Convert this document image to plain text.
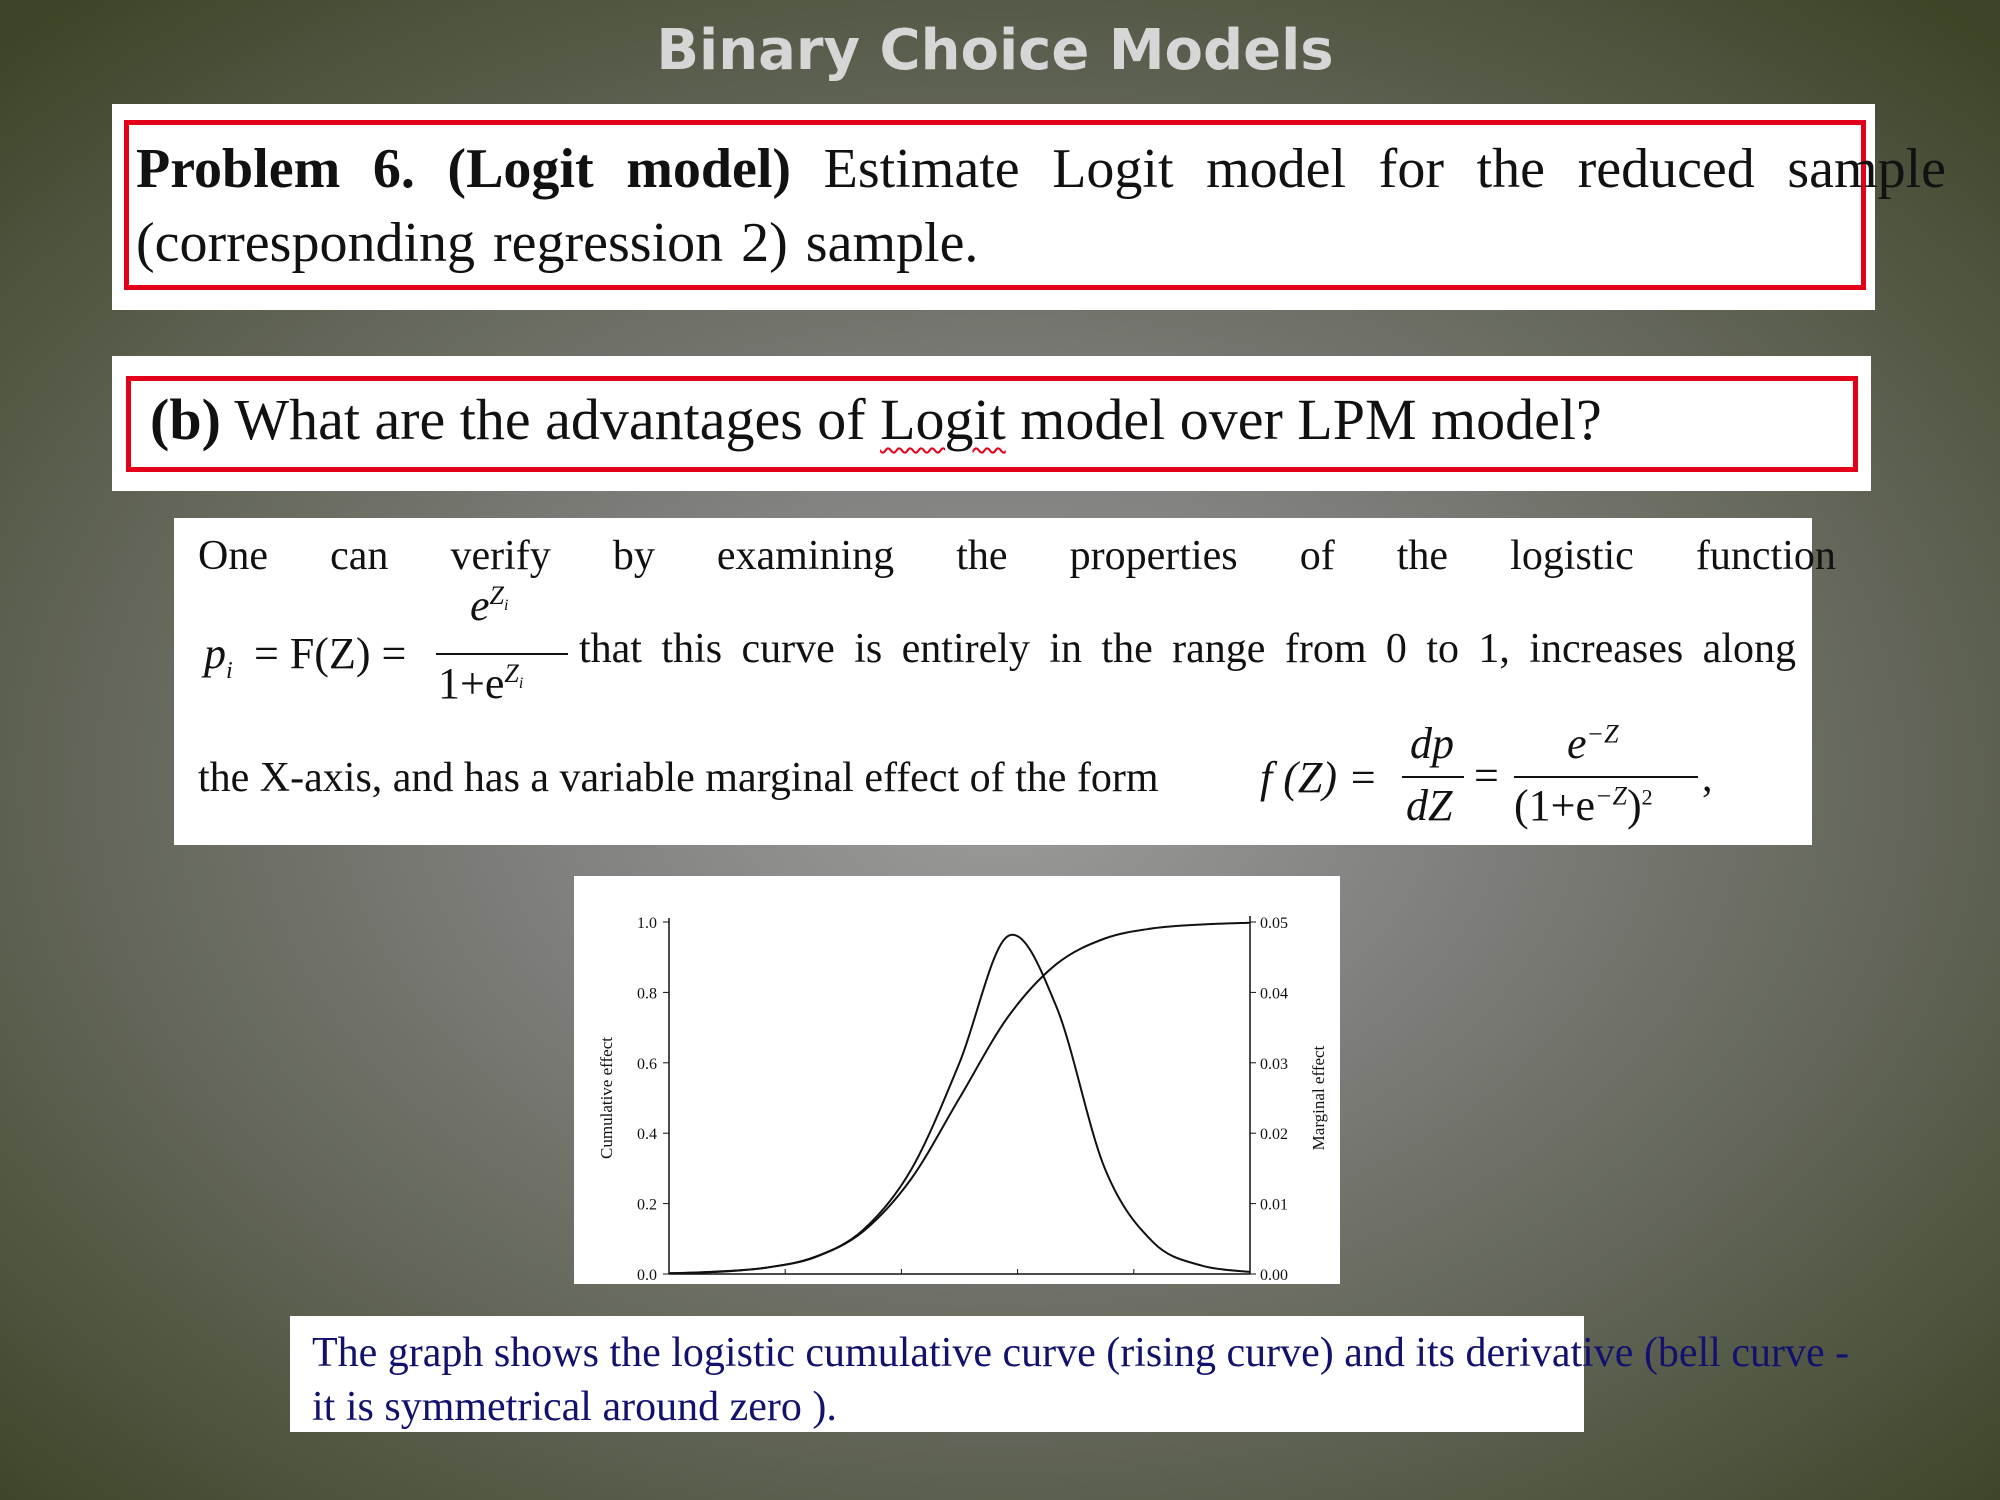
Binary Choice Models
Problem 6. (Logit model) Estimate Logit model for the reduced sample (corresponding regression 2) sample.
(b) What are the advantages of Logit model over LPM model?
One can verify by examining the properties of the logistic function
$p_i = F(Z)$ =
$e^{Z_i}$
$1+e^{Z_i}$
that this curve is entirely in the range from 0 to 1, increases along
the X-axis, and has a variable marginal effect of the form f (Z) =
dp
dZ
=
$e^{-Z}$
$(1+e^{-Z})^2$ ,
0.0
0.2
0.4
0.6
0.8
1.0
0.00
0.01
0.02
0.03
0.04
0.05
Cumulative effect	Marginal effect
The graph shows the logistic cumulative curve (rising curve) and its derivative (bell curve - it is symmetrical around zero ).
